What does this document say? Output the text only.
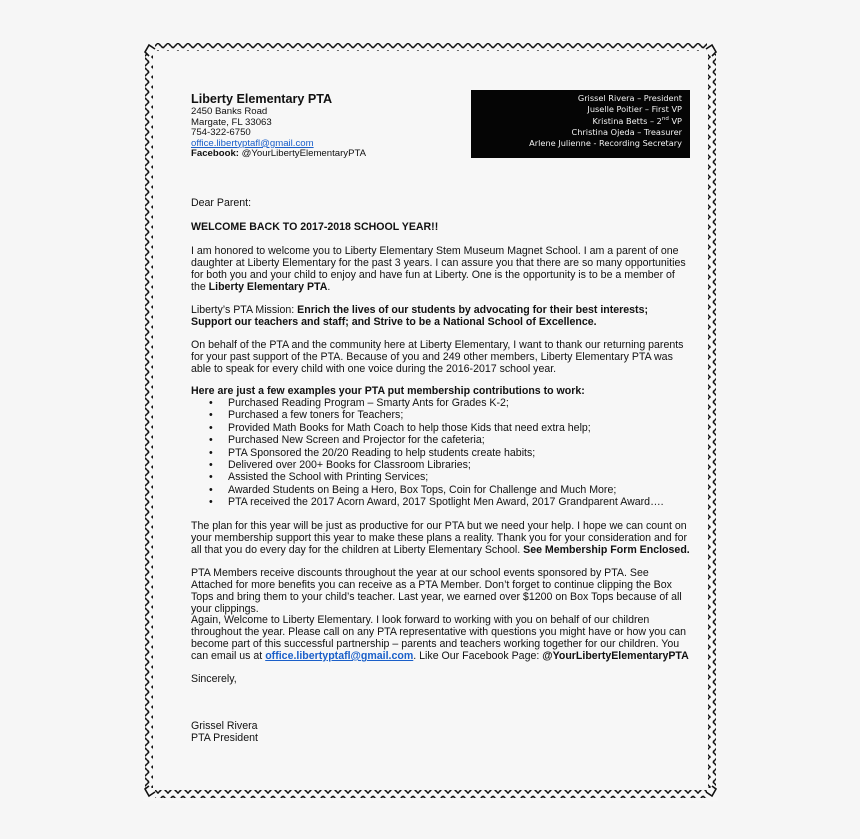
Liberty Elementary PTA
2450 Banks Road
Margate, FL 33063
754-322-6750
office.libertyptafl@gmail.com
Facebook: @YourLibertyElementaryPTA
Grissel Rivera – President
Juselle Poitier – First VP
Kristina Betts – 2nd VP
Christina Ojeda – Treasurer
Arlene Julienne - Recording Secretary
Dear Parent:
WELCOME BACK TO 2017-2018 SCHOOL YEAR!!

I am honored to welcome you to Liberty Elementary Stem Museum Magnet School. I am a parent of one daughter at Liberty Elementary for the past 3 years. I can assure you that there are so many opportunities for both you and your child to enjoy and have fun at Liberty. One is the opportunity is to be a member of the Liberty Elementary PTA.

Liberty’s PTA Mission: Enrich the lives of our students by advocating for their best interests; Support our teachers and staff; and Strive to be a National School of Excellence.

On behalf of the PTA and the community here at Liberty Elementary, I want to thank our returning parents for your past support of the PTA. Because of you and 249 other members, Liberty Elementary PTA was able to speak for every child with one voice during the 2016-2017 school year.

Here are just a few examples your PTA put membership contributions to work:
• Purchased Reading Program – Smarty Ants for Grades K-2;
• Purchased a few toners for Teachers;
• Provided Math Books for Math Coach to help those Kids that need extra help;
• Purchased New Screen and Projector for the cafeteria;
• PTA Sponsored the 20/20 Reading to help students create habits;
• Delivered over 200+ Books for Classroom Libraries;
• Assisted the School with Printing Services;
• Awarded Students on Being a Hero, Box Tops, Coin for Challenge and Much More;
• PTA received the 2017 Acorn Award, 2017 Spotlight Men Award, 2017 Grandparent Award….

The plan for this year will be just as productive for our PTA but we need your help. I hope we can count on your membership support this year to make these plans a reality. Thank you for your consideration and for all that you do every day for the children at Liberty Elementary School. See Membership Form Enclosed.

PTA Members receive discounts throughout the year at our school events sponsored by PTA. See Attached for more benefits you can receive as a PTA Member. Don’t forget to continue clipping the Box Tops and bring them to your child’s teacher. Last year, we earned over $1200 on Box Tops because of all your clippings.

Again, Welcome to Liberty Elementary. I look forward to working with you on behalf of our children throughout the year. Please call on any PTA representative with questions you might have or how you can become part of this successful partnership – parents and teachers working together for our children. You can email us at office.libertyptafl@gmail.com. Like Our Facebook Page: @YourLibertyElementaryPTA

Sincerely,
Grissel Rivera
PTA President
